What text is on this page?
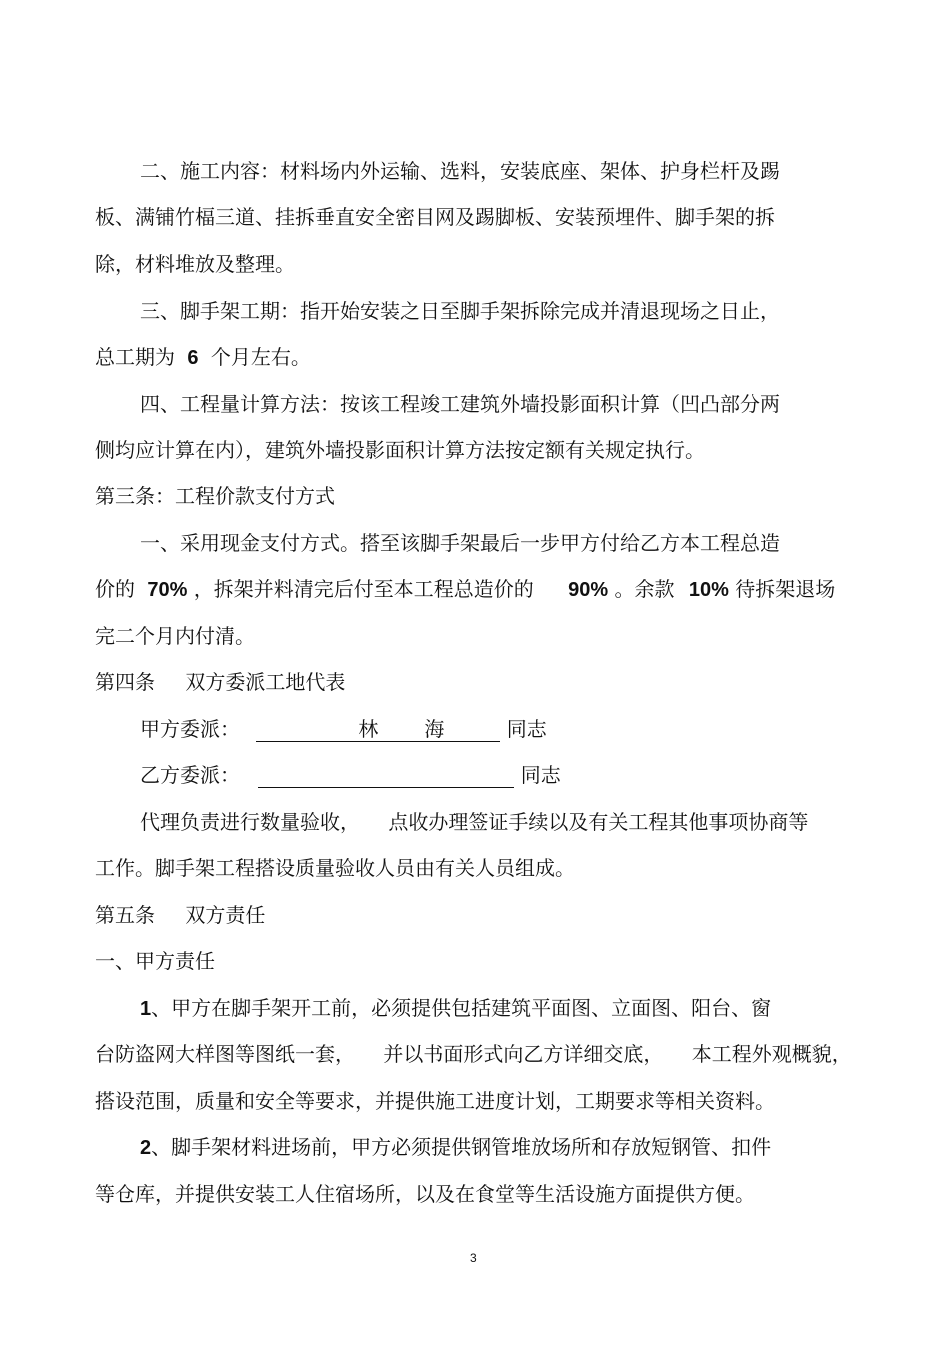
二、施工内容：材料场内外运输、选料，安装底座、架体、护身栏杆及踢
板、满铺竹楅三道、挂拆垂直安全密目网及踢脚板、安装预埋件、脚手架的拆
除，材料堆放及整理。
三、脚手架工期：指开始安装之日至脚手架拆除完成并清退现场之日止，
总工期为 6 个月左右。
四、工程量计算方法：按该工程竣工建筑外墙投影面积计算（凹凸部分两
侧均应计算在内），建筑外墙投影面积计算方法按定额有关规定执行。
第三条：工程价款支付方式
一、采用现金支付方式。搭至该脚手架最后一步甲方付给乙方本工程总造
价的 70% ，拆架并料清完后付至本工程总造价的 90% 。余款 10% 待拆架退场
完二个月内付清。
第四条 双方委派工地代表
甲方委派：	林 海	同志
乙方委派：	同志
代理负责进行数量验收， 点收办理签证手续以及有关工程其他事项协商等
工作。脚手架工程搭设质量验收人员由有关人员组成。
第五条 双方责任
一、甲方责任
1、甲方在脚手架开工前，必须提供包括建筑平面图、立面图、阳台、窗
台防盗网大样图等图纸一套， 并以书面形式向乙方详细交底， 本工程外观概貌，
搭设范围，质量和安全等要求，并提供施工进度计划，工期要求等相关资料。
2、脚手架材料进场前，甲方必须提供钢管堆放场所和存放短钢管、扣件
等仓库，并提供安装工人住宿场所，以及在食堂等生活设施方面提供方便。
3
